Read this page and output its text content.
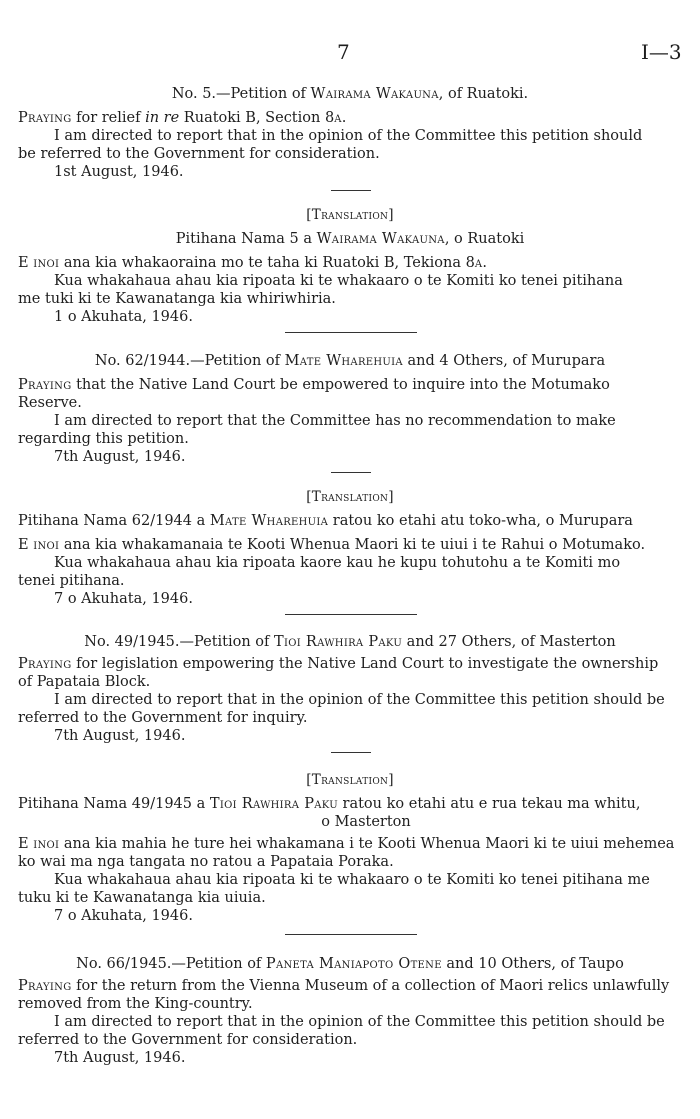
7	I—3
No. 5.—Petition of Wairama Wakauna, of Ruatoki.
Praying for relief in re Ruatoki B, Section 8a.
I am directed to report that in the opinion of the Committee this petition should
be referred to the Government for consideration.
1st August, 1946.
[Translation]
Pitihana Nama 5 a Wairama Wakauna, o Ruatoki
E inoi ana kia whakaoraina mo te taha ki Ruatoki B, Tekiona 8a.
Kua whakahaua ahau kia ripoata ki te whakaaro o te Komiti ko tenei pitihana
me tuki ki te Kawanatanga kia whiriwhiria.
1 o Akuhata, 1946.
No. 62/1944.—Petition of Mate Wharehuia and 4 Others, of Murupara
Praying that the Native Land Court be empowered to inquire into the Motumako
Reserve.
I am directed to report that the Committee has no recommendation to make
regarding this petition.
7th August, 1946.
[Translation]
Pitihana Nama 62/1944 a Mate Wharehuia ratou ko etahi atu toko-wha, o Murupara
E inoi ana kia whakamanaia te Kooti Whenua Maori ki te uiui i te Rahui o Motumako.
Kua whakahaua ahau kia ripoata kaore kau he kupu tohutohu a te Komiti mo
tenei pitihana.
7 o Akuhata, 1946.
No. 49/1945.—Petition of Tioi Rawhira Paku and 27 Others, of Masterton
Praying for legislation empowering the Native Land Court to investigate the ownership
of Papataia Block.
I am directed to report that in the opinion of the Committee this petition should be
referred to the Government for inquiry.
7th August, 1946.
[Translation]
Pitihana Nama 49/1945 a Tioi Rawhira Paku ratou ko etahi atu e rua tekau ma whitu,
o Masterton
E inoi ana kia mahia he ture hei whakamana i te Kooti Whenua Maori ki te uiui mehemea
ko wai ma nga tangata no ratou a Papataia Poraka.
Kua whakahaua ahau kia ripoata ki te whakaaro o te Komiti ko tenei pitihana me
tuku ki te Kawanatanga kia uiuia.
7 o Akuhata, 1946.
No. 66/1945.—Petition of Paneta Maniapoto Otene and 10 Others, of Taupo
Praying for the return from the Vienna Museum of a collection of Maori relics unlawfully
removed from the King-country.
I am directed to report that in the opinion of the Committee this petition should be
referred to the Government for consideration.
7th August, 1946.
